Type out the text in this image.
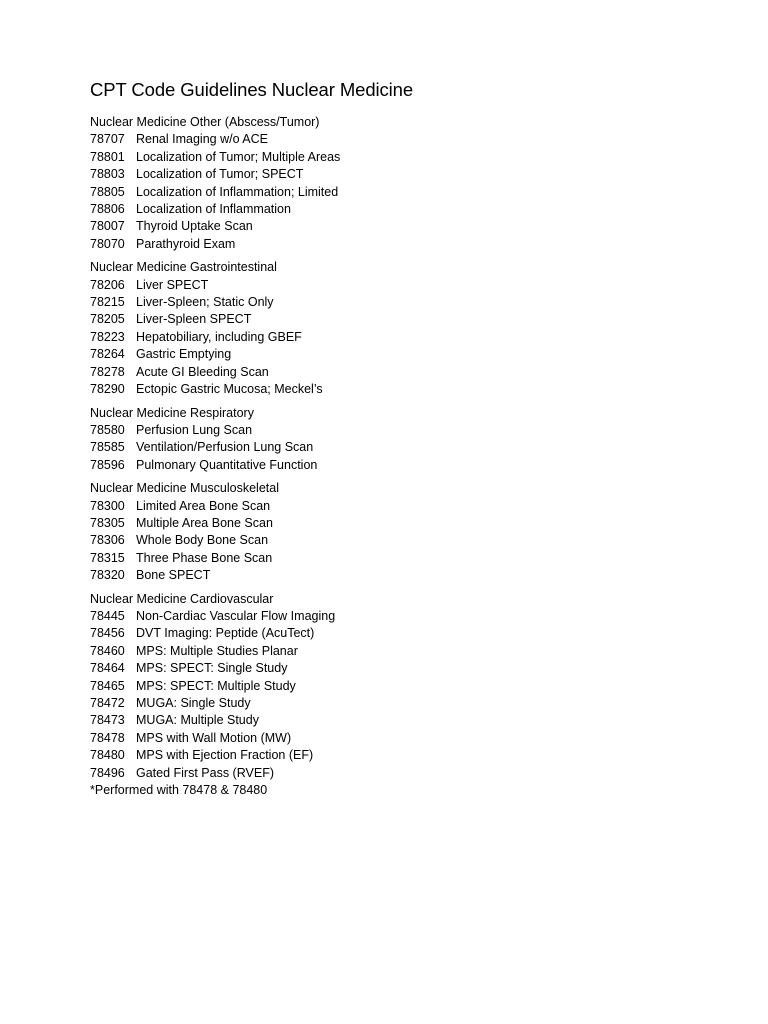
CPT Code Guidelines Nuclear Medicine
Nuclear Medicine Other (Abscess/Tumor)
78707 Renal Imaging w/o ACE
78801 Localization of Tumor; Multiple Areas
78803 Localization of Tumor; SPECT
78805 Localization of Inflammation; Limited
78806 Localization of Inflammation
78007 Thyroid Uptake Scan
78070 Parathyroid Exam
Nuclear Medicine Gastrointestinal
78206 Liver SPECT
78215 Liver-Spleen; Static Only
78205 Liver-Spleen SPECT
78223 Hepatobiliary, including GBEF
78264 Gastric Emptying
78278 Acute GI Bleeding Scan
78290 Ectopic Gastric Mucosa; Meckel’s
Nuclear Medicine Respiratory
78580 Perfusion Lung Scan
78585 Ventilation/Perfusion Lung Scan
78596 Pulmonary Quantitative Function
Nuclear Medicine Musculoskeletal
78300 Limited Area Bone Scan
78305 Multiple Area Bone Scan
78306 Whole Body Bone Scan
78315 Three Phase Bone Scan
78320 Bone SPECT
Nuclear Medicine Cardiovascular
78445 Non-Cardiac Vascular Flow Imaging
78456 DVT Imaging: Peptide (AcuTect)
78460 MPS: Multiple Studies Planar
78464 MPS: SPECT: Single Study
78465 MPS: SPECT: Multiple Study
78472 MUGA: Single Study
78473 MUGA: Multiple Study
78478 MPS with Wall Motion (MW)
78480 MPS with Ejection Fraction (EF)
78496 Gated First Pass (RVEF)

*Performed with 78478 & 78480
